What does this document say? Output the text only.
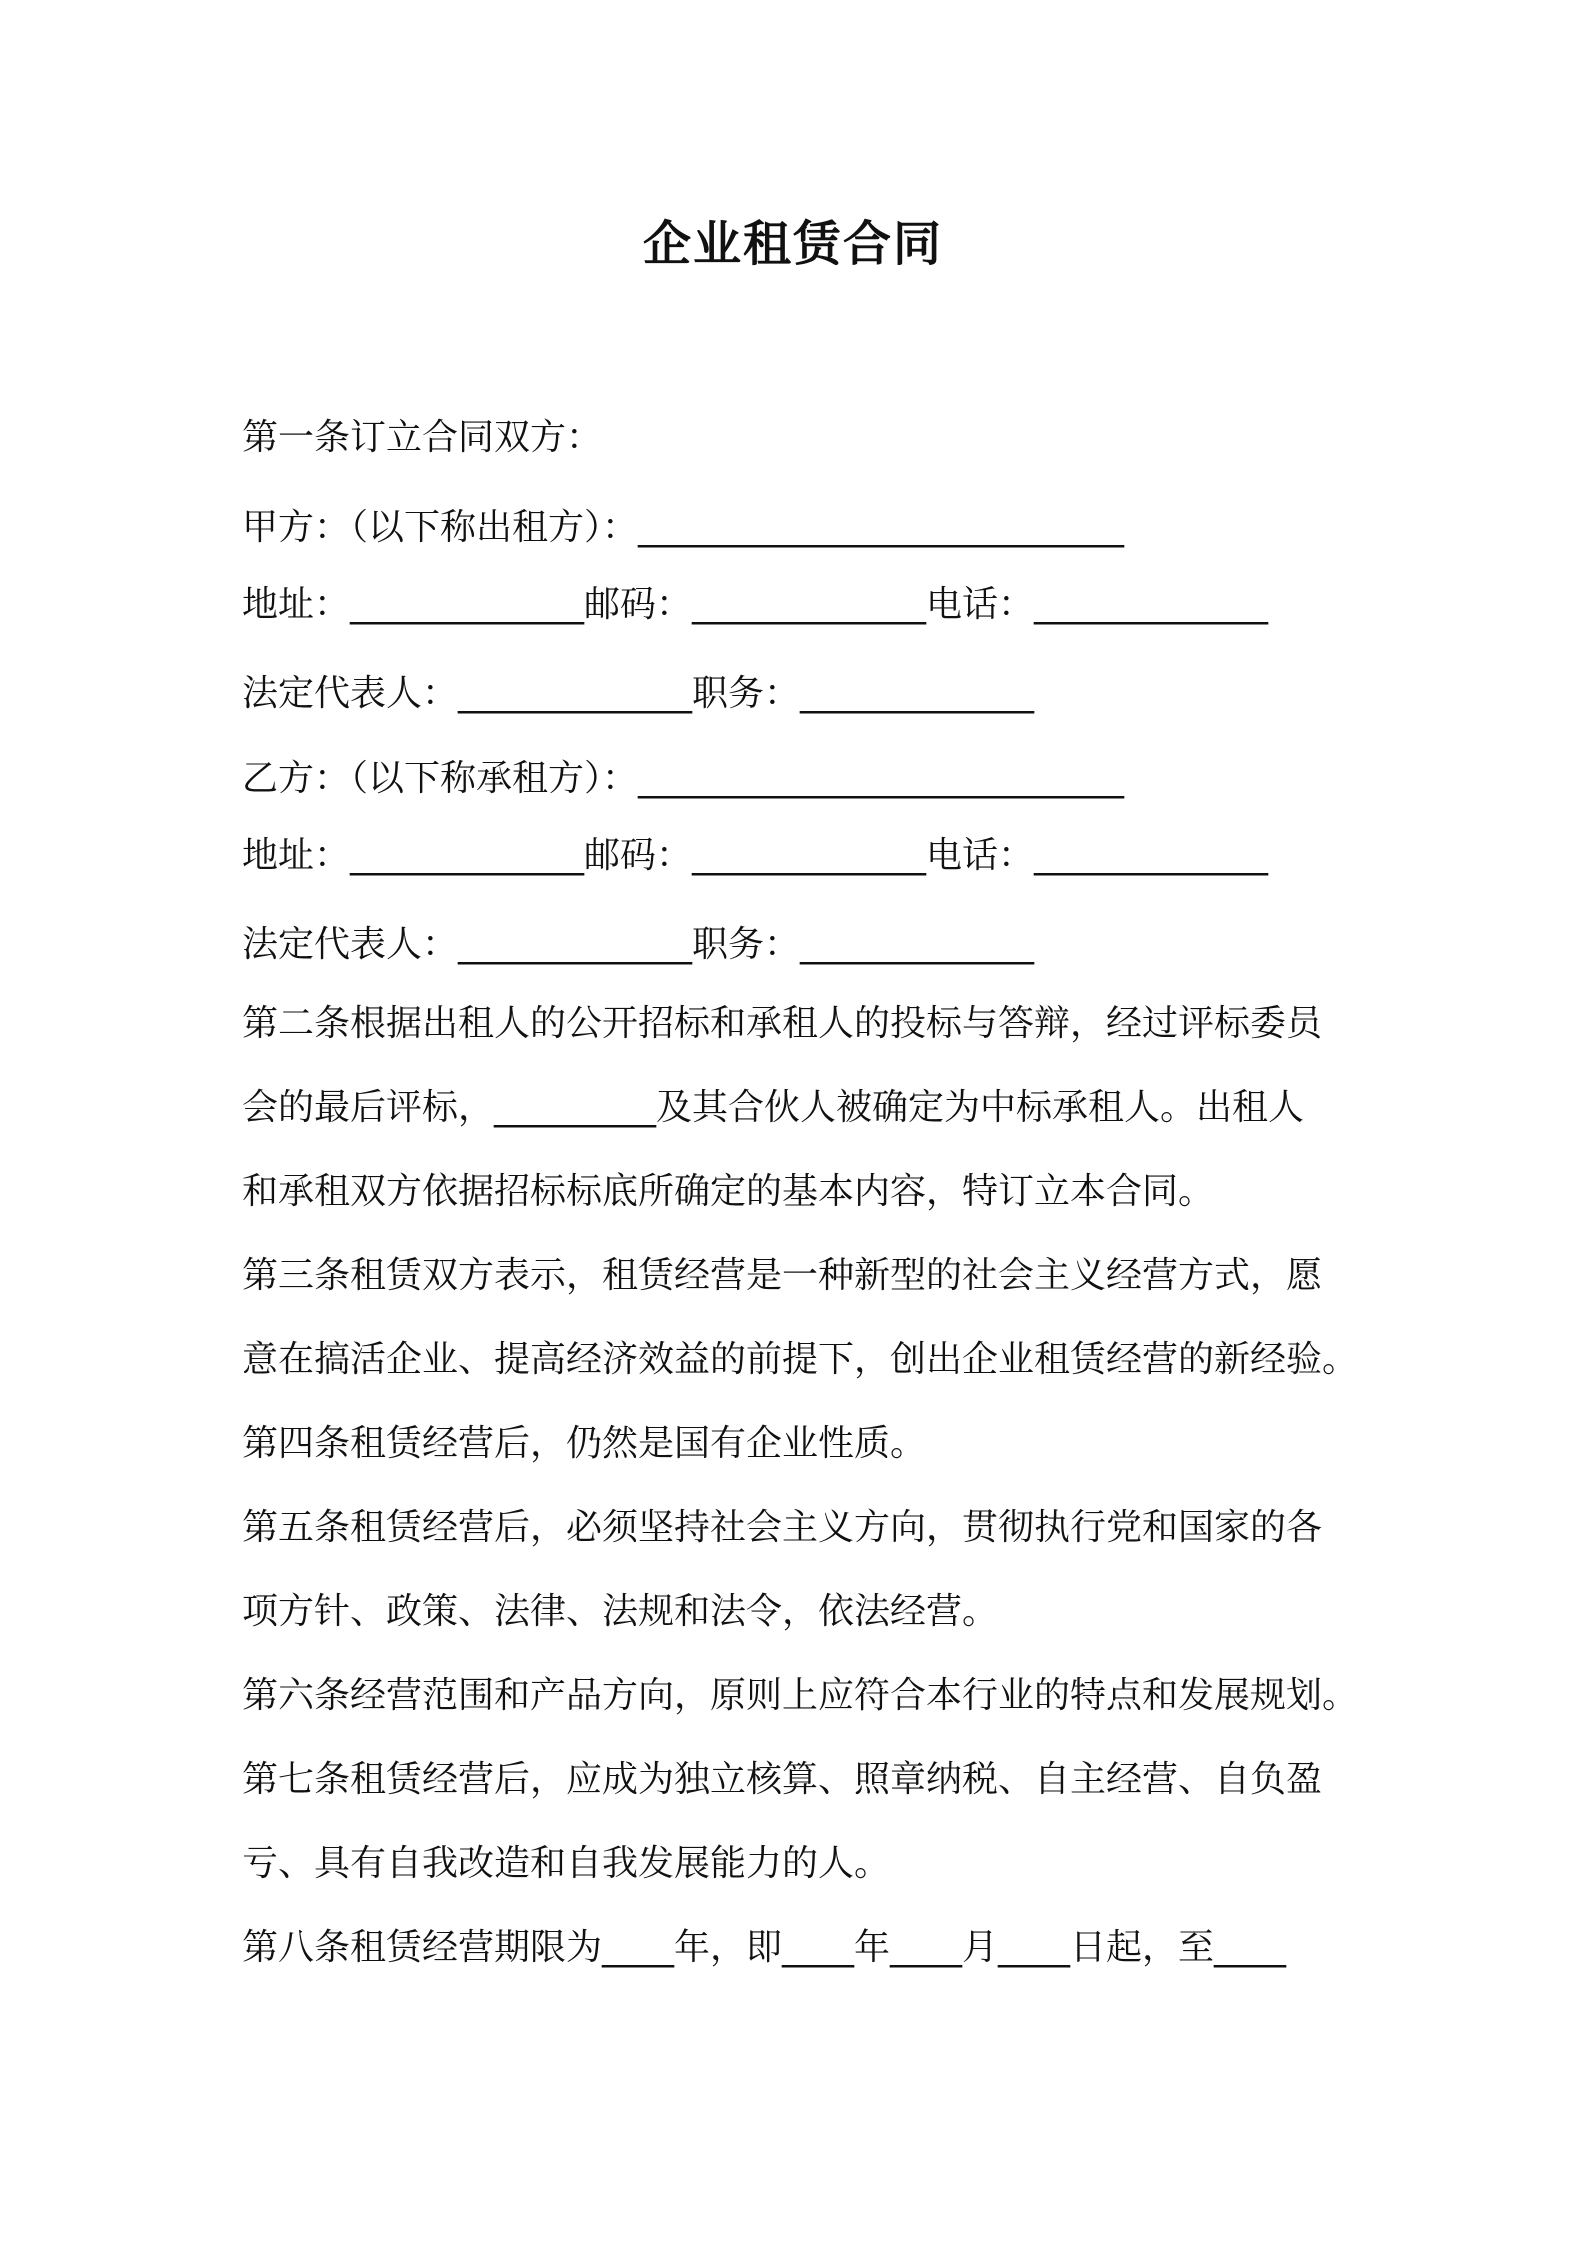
企业租赁合同
第一条订立合同双方：
甲方：（以下称出租方）：___________________________
地址：_____________邮码：_____________电话：_____________
法定代表人：_____________职务：_____________
乙方：（以下称承租方）：___________________________
地址：_____________邮码：_____________电话：_____________
法定代表人：_____________职务：_____________
第二条根据出租人的公开招标和承租人的投标与答辩，经过评标委员
会的最后评标，_________及其合伙人被确定为中标承租人。出租人
和承租双方依据招标标底所确定的基本内容，特订立本合同。
第三条租赁双方表示，租赁经营是一种新型的社会主义经营方式，愿
意在搞活企业、提高经济效益的前提下，创出企业租赁经营的新经验。
第四条租赁经营后，仍然是国有企业性质。
第五条租赁经营后，必须坚持社会主义方向，贯彻执行党和国家的各
项方针、政策、法律、法规和法令，依法经营。
第六条经营范围和产品方向，原则上应符合本行业的特点和发展规划。
第七条租赁经营后，应成为独立核算、照章纳税、自主经营、自负盈
亏、具有自我改造和自我发展能力的人。
第八条租赁经营期限为____年，即____年____月____日起，至____
